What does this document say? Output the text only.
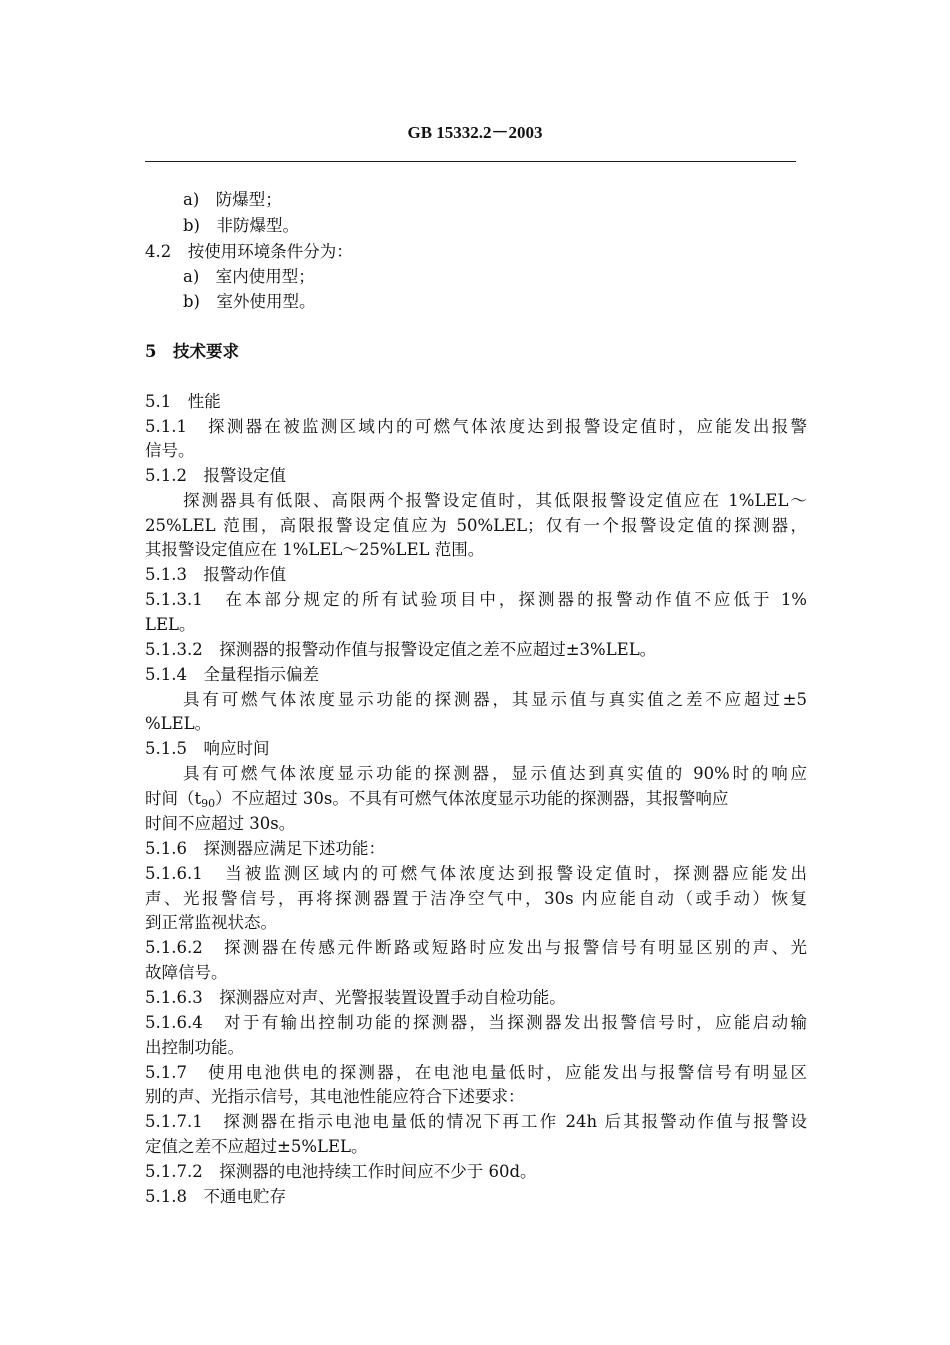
GB 15332.2－2003
a)　防爆型；
b)　非防爆型。
4.2　按使用环境条件分为：
a)　室内使用型；
b)　室外使用型。
5　技术要求
5.1　性能
5.1.1　探测器在被监测区域内的可燃气体浓度达到报警设定值时，应能发出报警
信号。
5.1.2　报警设定值
探测器具有低限、高限两个报警设定值时，其低限报警设定值应在 1%LEL～
25%LEL 范围，高限报警设定值应为 50%LEL；仅有一个报警设定值的探测器，
其报警设定值应在 1%LEL～25%LEL 范围。
5.1.3　报警动作值
5.1.3.1　在本部分规定的所有试验项目中，探测器的报警动作值不应低于 1%
LEL。
5.1.3.2　探测器的报警动作值与报警设定值之差不应超过±3%LEL。
5.1.4　全量程指示偏差
具有可燃气体浓度显示功能的探测器，其显示值与真实值之差不应超过±5
%LEL。
5.1.5　响应时间
具有可燃气体浓度显示功能的探测器，显示值达到真实值的 90%时的响应
时间$(t_{90})$不应超过 30s。不具有可燃气体浓度显示功能的探测器，其报警响应
时间不应超过 30s。
5.1.6　探测器应满足下述功能：
5.1.6.1　当被监测区域内的可燃气体浓度达到报警设定值时，探测器应能发出
声、光报警信号，再将探测器置于洁净空气中，30s 内应能自动（或手动）恢复
到正常监视状态。
5.1.6.2　探测器在传感元件断路或短路时应发出与报警信号有明显区别的声、光
故障信号。
5.1.6.3　探测器应对声、光警报装置设置手动自检功能。
5.1.6.4　对于有输出控制功能的探测器，当探测器发出报警信号时，应能启动输
出控制功能。
5.1.7　使用电池供电的探测器，在电池电量低时，应能发出与报警信号有明显区
别的声、光指示信号，其电池性能应符合下述要求：
5.1.7.1　探测器在指示电池电量低的情况下再工作 24h 后其报警动作值与报警设
定值之差不应超过±5%LEL。
5.1.7.2　探测器的电池持续工作时间应不少于 60d。
5.1.8　不通电贮存
